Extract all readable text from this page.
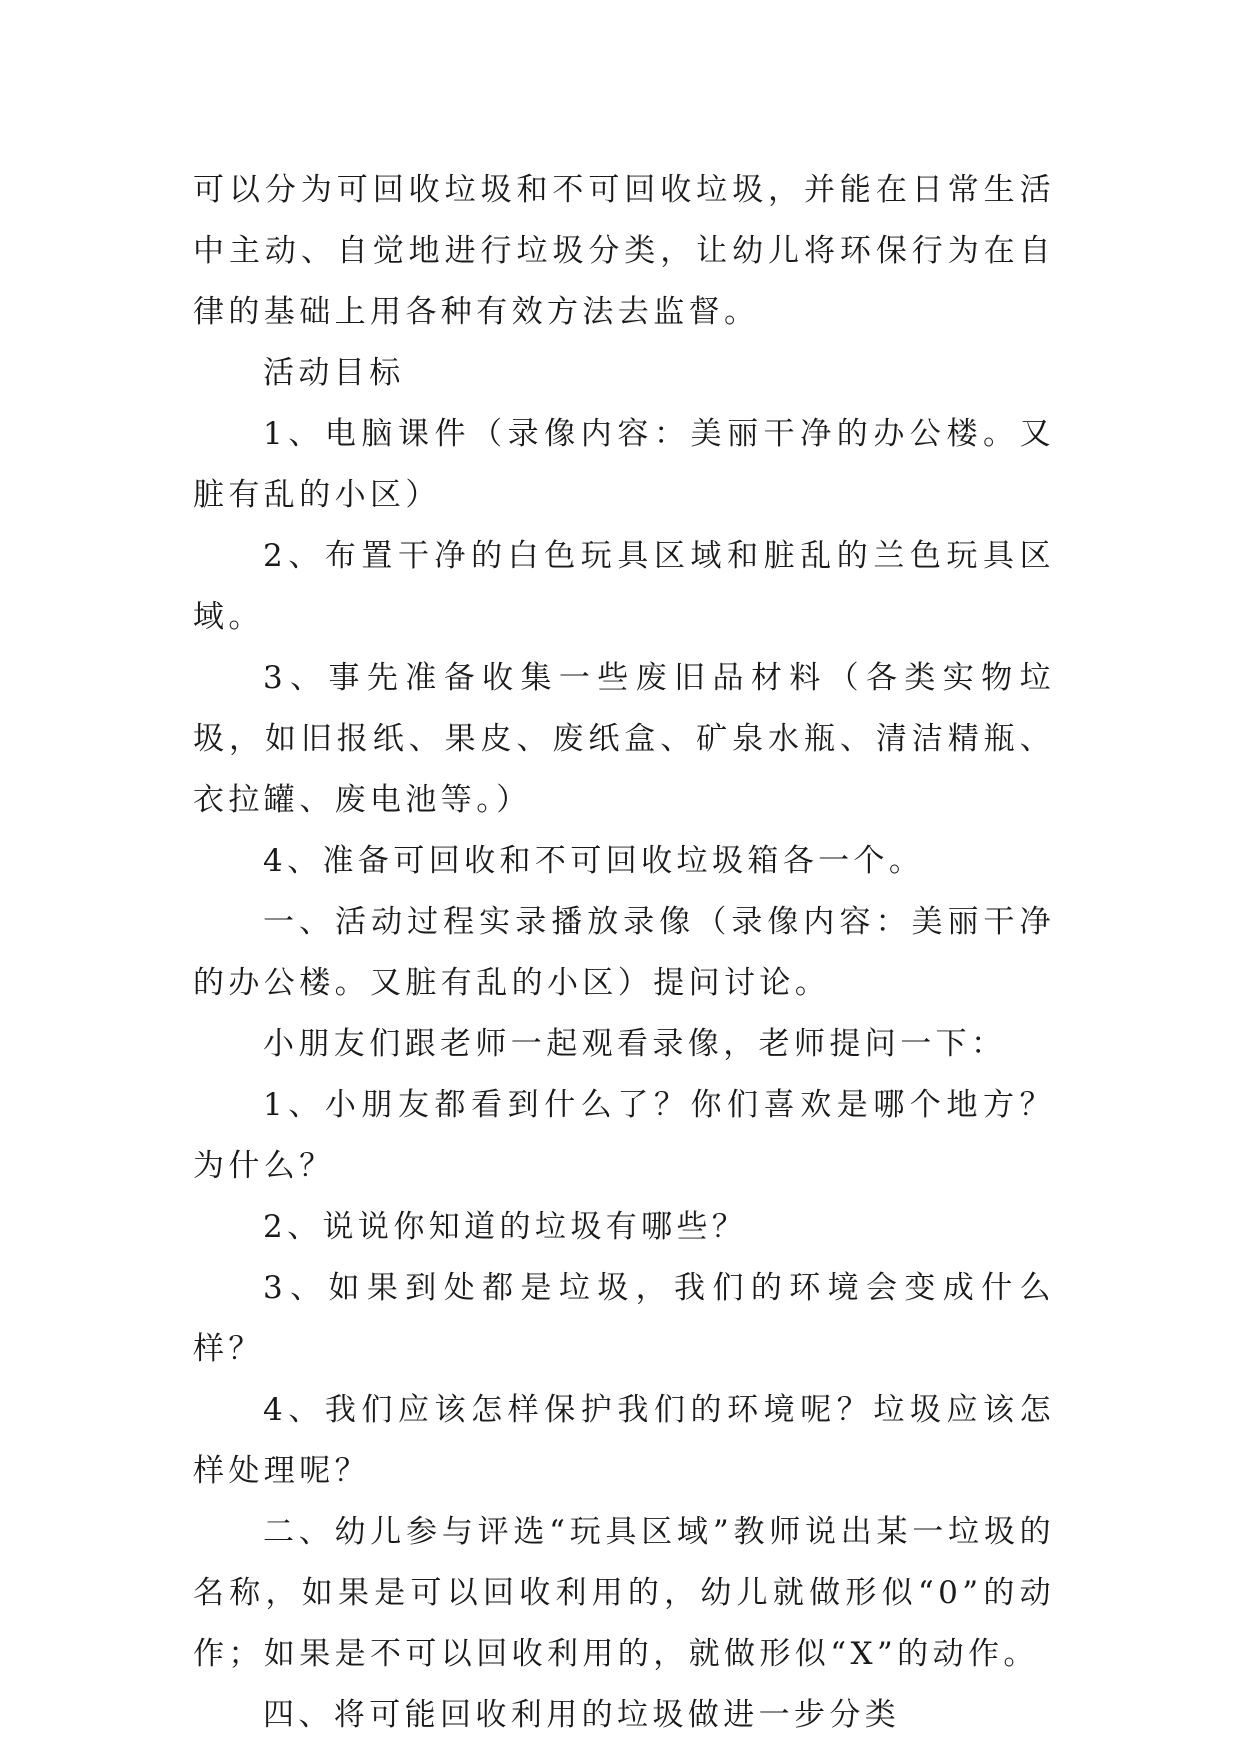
可以分为可回收垃圾和不可回收垃圾，并能在日常生活中主动、自觉地进行垃圾分类，让幼儿将环保行为在自律的基础上用各种有效方法去监督。

活动目标

1、电脑课件（录像内容：美丽干净的办公楼。又脏有乱的小区）

2、布置干净的白色玩具区域和脏乱的兰色玩具区域。

3、事先准备收集一些废旧品材料（各类实物垃圾，如旧报纸、果皮、废纸盒、矿泉水瓶、清洁精瓶、衣拉罐、废电池等。）

4、准备可回收和不可回收垃圾箱各一个。

一、活动过程实录播放录像（录像内容：美丽干净的办公楼。又脏有乱的小区）提问讨论。

小朋友们跟老师一起观看录像，老师提问一下：

1、小朋友都看到什么了？你们喜欢是哪个地方？为什么？

2、说说你知道的垃圾有哪些？

3、如果到处都是垃圾，我们的环境会变成什么样？

4、我们应该怎样保护我们的环境呢？垃圾应该怎样处理呢？

二、幼儿参与评选“玩具区域”教师说出某一垃圾的名称，如果是可以回收利用的，幼儿就做形似“0”的动作；如果是不可以回收利用的，就做形似“X”的动作。

四、将可能回收利用的垃圾做进一步分类
